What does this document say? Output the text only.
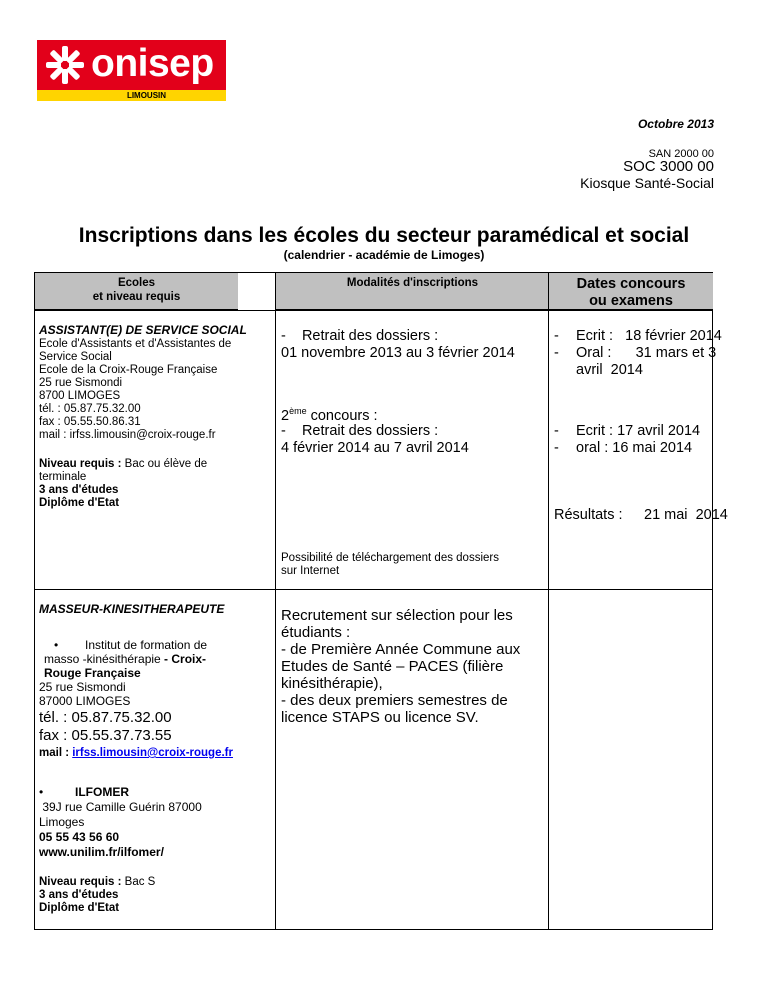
onisep
LIMOUSIN
Octobre 2013
SAN 2000 00
SOC 3000 00
Kiosque Santé-Social
Inscriptions dans les écoles du secteur paramédical et social
(calendrier - académie de Limoges)
Ecoles
et niveau requis
Modalités d'inscriptions	Dates concours
ou examens
ASSISTANT(E) DE SERVICE SOCIAL
Ecole d'Assistants et d'Assistantes de
Service Social
Ecole de la Croix-Rouge Française
25 rue Sismondi
8700 LIMOGES
tél. : 05.87.75.32.00
fax : 05.55.50.86.31
mail : irfss.limousin@croix-rouge.fr
Niveau requis : Bac ou élève de
terminale
3 ans d'études
Diplôme d'Etat
-    Retrait des dossiers :
01 novembre 2013 au 3 février 2014
2ème concours :
-    Retrait des dossiers :
4 février 2014 au 7 avril 2014
Possibilité de téléchargement des dossiers
sur Internet
- Ecrit :   18 février 2014
- Oral :      31 mars et 3
avril  2014
- Ecrit : 17 avril 2014
- oral : 16 mai 2014
Résultats : 21 mai  2014
MASSEUR-KINESITHERAPEUTE
• Institut de formation de
masso -kinésithérapie - Croix-
Rouge Française
25 rue Sismondi
87000 LIMOGES
tél. : 05.87.75.32.00
fax : 05.55.37.73.55
mail : irfss.limousin@croix-rouge.fr
•	ILFOMER
39J rue Camille Guérin 87000
Limoges
05 55 43 56 60
www.unilim.fr/ilfomer/
Niveau requis : Bac S
3 ans d'études
Diplôme d'Etat
Recrutement sur sélection pour les
étudiants :
- de Première Année Commune aux
Etudes de Santé – PACES (filière
kinésithérapie),
- des deux premiers semestres de
licence STAPS ou licence SV.
